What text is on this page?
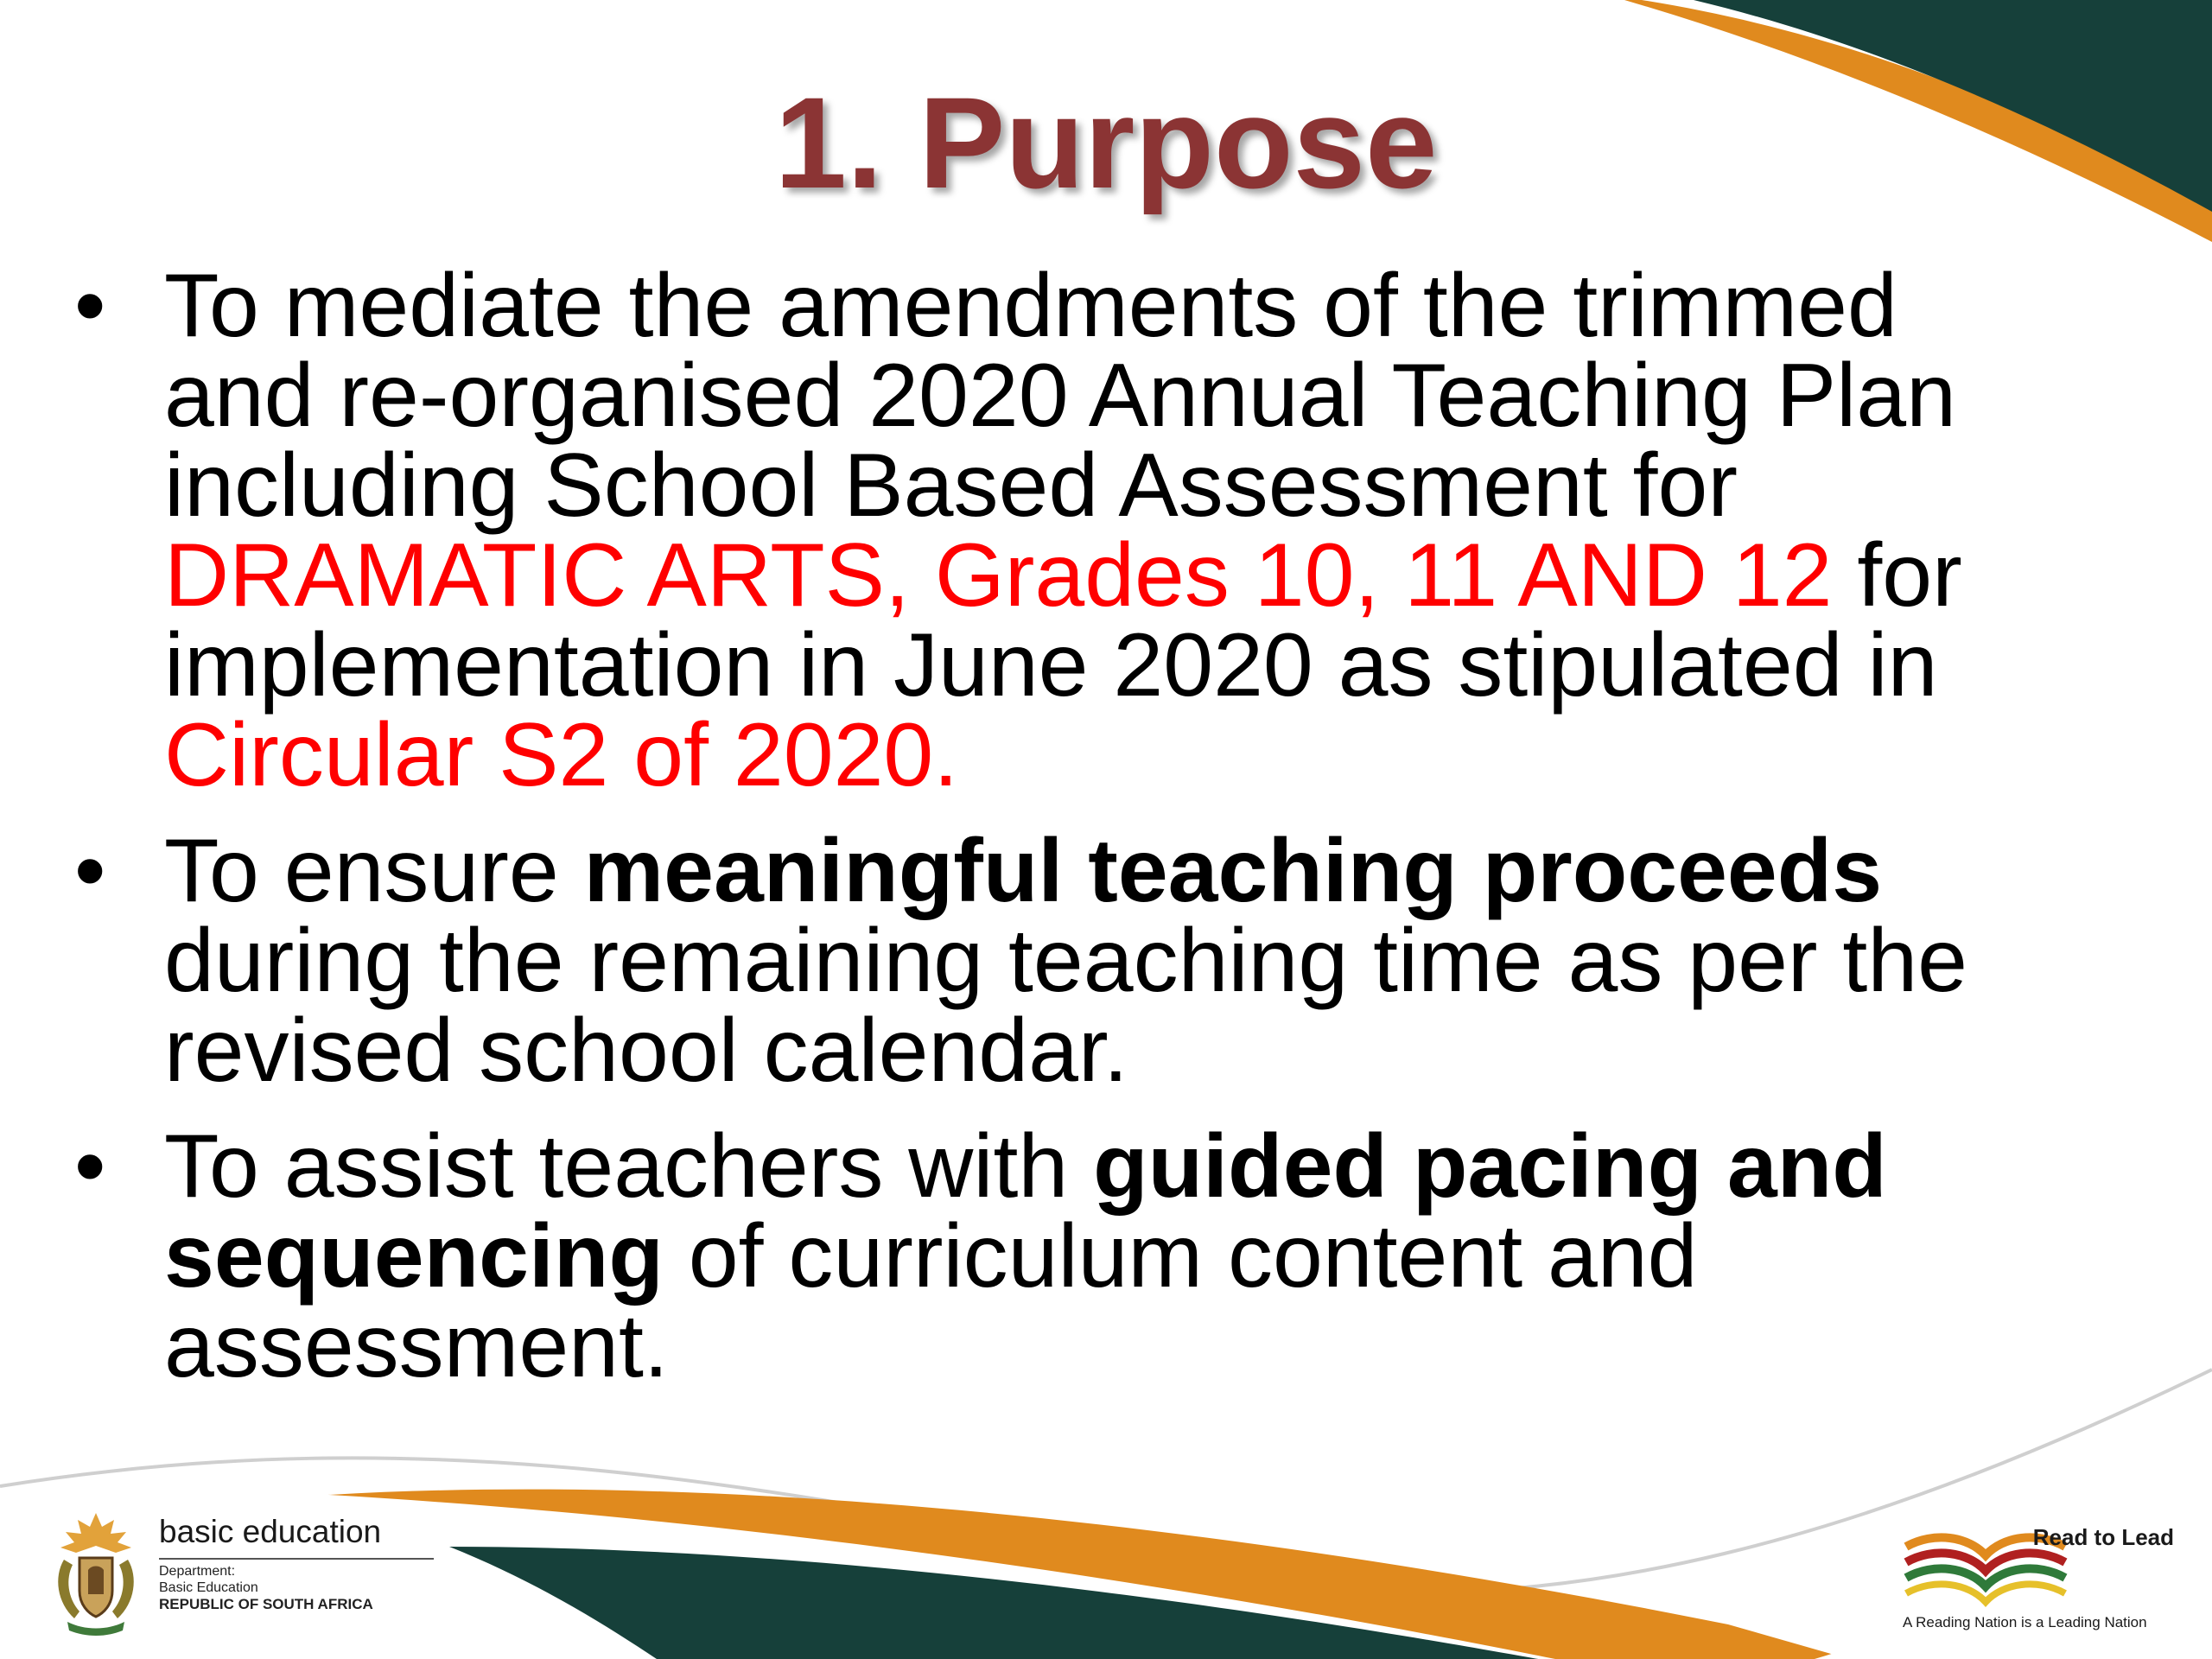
1. Purpose
• To mediate the amendments of the trimmed
and re-organised 2020 Annual Teaching Plan
including School Based Assessment for
DRAMATIC ARTS, Grades 10, 11 AND 12 for
implementation in June 2020 as stipulated in
Circular S2 of 2020.
• To ensure meaningful teaching proceeds
during the remaining teaching time as per the
revised school calendar.
• To assist teachers with guided pacing and
sequencing of curriculum content and
assessment.
basic education
Department:
Basic Education
REPUBLIC OF SOUTH AFRICA
Read to Lead
A Reading Nation is a Leading Nation
